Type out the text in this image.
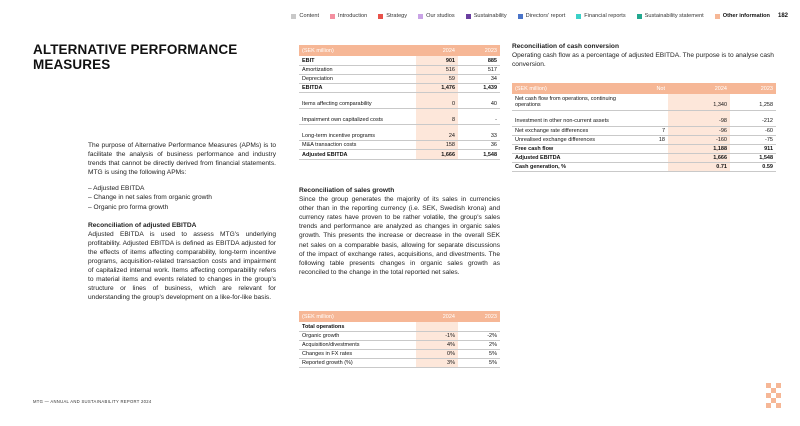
Content	Introduction	Strategy	Our studios	Sustainability	Directors' report	Financial reports	Sustainability statement	Other information 182
ALTERNATIVE PERFORMANCE MEASURES

The purpose of Alternative Performance Measures (APMs) is to facilitate the analysis of business performance and industry trends that cannot be directly derived from financial statements. MTG is using the following APMs:

– Adjusted EBITDA
– Change in net sales from organic growth
– Organic pro forma growth
Reconciliation of adjusted EBITDA

Adjusted EBITDA is used to assess MTG's underlying profitability. Adjusted EBITDA is defined as EBITDA adjusted for the effects of items affecting comparability, long-term incentive programs, acquisition-related transaction costs and impairment of capitalized internal work. Items affecting comparability refers to material items and events related to changes in the group's structure or lines of business, which are relevant for understanding the group's development on a like-for-like basis.

(SEK million)	2024	2023
EBIT	901	885
Amortization	516	517
Depreciation	59	34
EBITDA	1,476	1,439
Items affecting comparability	0	40
Impairment own capitalized costs	8	-
Long-term incentive programs	24	33
M&A transaction costs	158	36
Adjusted EBITDA	1,666	1,548
Reconciliation of sales growth

Since the group generates the majority of its sales in currencies other than in the reporting currency (i.e. SEK, Swedish krona) and currency rates have proven to be rather volatile, the group's sales trends and performance are analyzed as changes in organic sales growth. This presents the increase or decrease in the overall SEK net sales on a comparable basis, allowing for separate discussions of the impact of exchange rates, acquisitions, and divestments. The following table presents changes in organic sales growth as reconciled to the change in the total reported net sales.

(SEK million)	2024	2023
Total operations		
Organic growth	-1%	-2%
Acquisition/divestments	4%	2%
Changes in FX rates	0%	5%
Reported growth (%)	3%	5%
Reconciliation of cash conversion

Operating cash flow as a percentage of adjusted EBITDA. The purpose is to analyse cash conversion.

(SEK million)	Not	2024	2023
Net cash flow from operations, continuing operations		1,340	1,258
Investment in other non-current assets		-98	-212
Net exchange rate differences	7	-96	-60
Unrealised exchange differences	18	-160	-75
Free cash flow		1,188	911
Adjusted EBITDA		1,666	1,548
Cash generation, %		0.71	0.59
MTG — ANNUAL AND SUSTAINABILITY REPORT 2024
